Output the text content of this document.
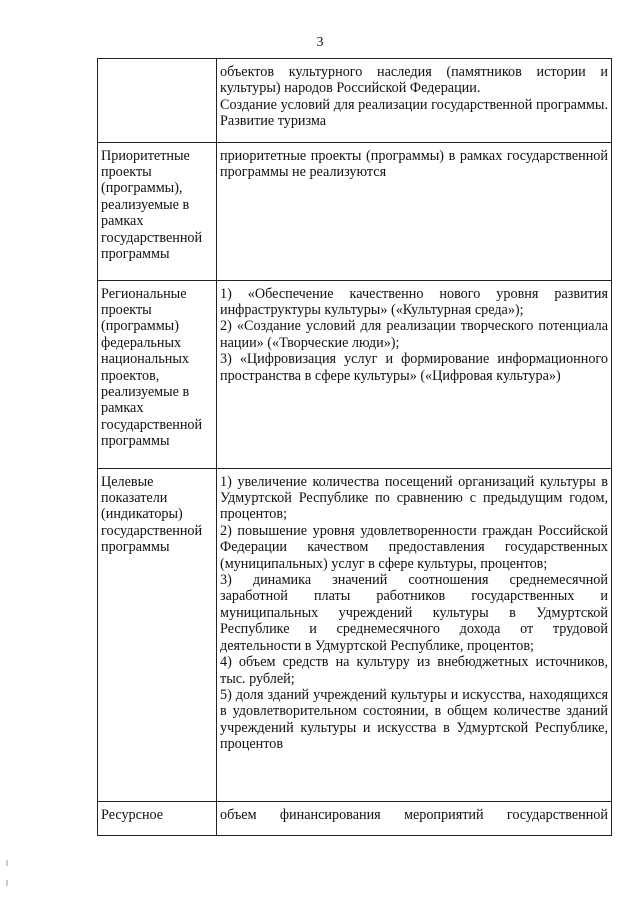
3

	объектов культурного наследия (памятников истории и культуры) народов Российской Федерации.
Создание условий для реализации государственной программы.
Развитие туризма

Приоритетные проекты (программы), реализуемые в рамках государственной программы	приоритетные проекты (программы) в рамках государственной программы не реализуются

Региональные проекты (программы) федеральных национальных проектов, реализуемые в рамках государственной программы	1) «Обеспечение качественно нового уровня развития инфраструктуры культуры» («Культурная среда»);
2) «Создание условий для реализации творческого потенциала нации» («Творческие люди»);
3) «Цифровизация услуг и формирование информационного пространства в сфере культуры» («Цифровая культура»)

Целевые показатели (индикаторы) государственной программы	1) увеличение количества посещений организаций культуры в Удмуртской Республике по сравнению с предыдущим годом, процентов;
2) повышение уровня удовлетворенности граждан Российской Федерации качеством предоставления государственных (муниципальных) услуг в сфере культуры, процентов;
3) динамика значений соотношения среднемесячной заработной платы работников государственных и муниципальных учреждений культуры в Удмуртской Республике и среднемесячного дохода от трудовой деятельности в Удмуртской Республике, процентов;
4) объем средств на культуру из внебюджетных источников, тыс. рублей;
5) доля зданий учреждений культуры и искусства, находящихся в удовлетворительном состоянии, в общем количестве зданий учреждений культуры и искусства в Удмуртской Республике, процентов

Ресурсное	объем финансирования мероприятий государственной
